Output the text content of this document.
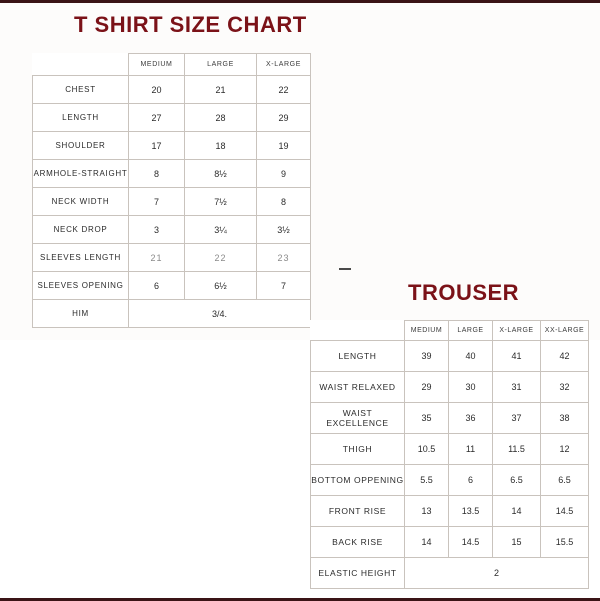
T SHIRT SIZE CHART
	MEDIUM	LARGE	X-LARGE
CHEST	20	21	22
LENGTH	27	28	29
SHOULDER	17	18	19
ARMHOLE-STRAIGHT	8	8½	9
NECK WIDTH	7	7½	8
NECK DROP	3	3¼	3½
SLEEVES LENGTH	21	22	23
SLEEVES OPENING	6	6½	7
HIM	3/4.		
TROUSER
	MEDIUM	LARGE	X-LARGE	XX-LARGE
LENGTH	39	40	41	42
WAIST RELAXED	29	30	31	32
WAIST EXCELLENCE	35	36	37	38
THIGH	10.5	11	11.5	12
BOTTOM OPPENING	5.5	6	6.5	6.5
FRONT RISE	13	13.5	14	14.5
BACK RISE	14	14.5	15	15.5
ELASTIC HEIGHT	2			
